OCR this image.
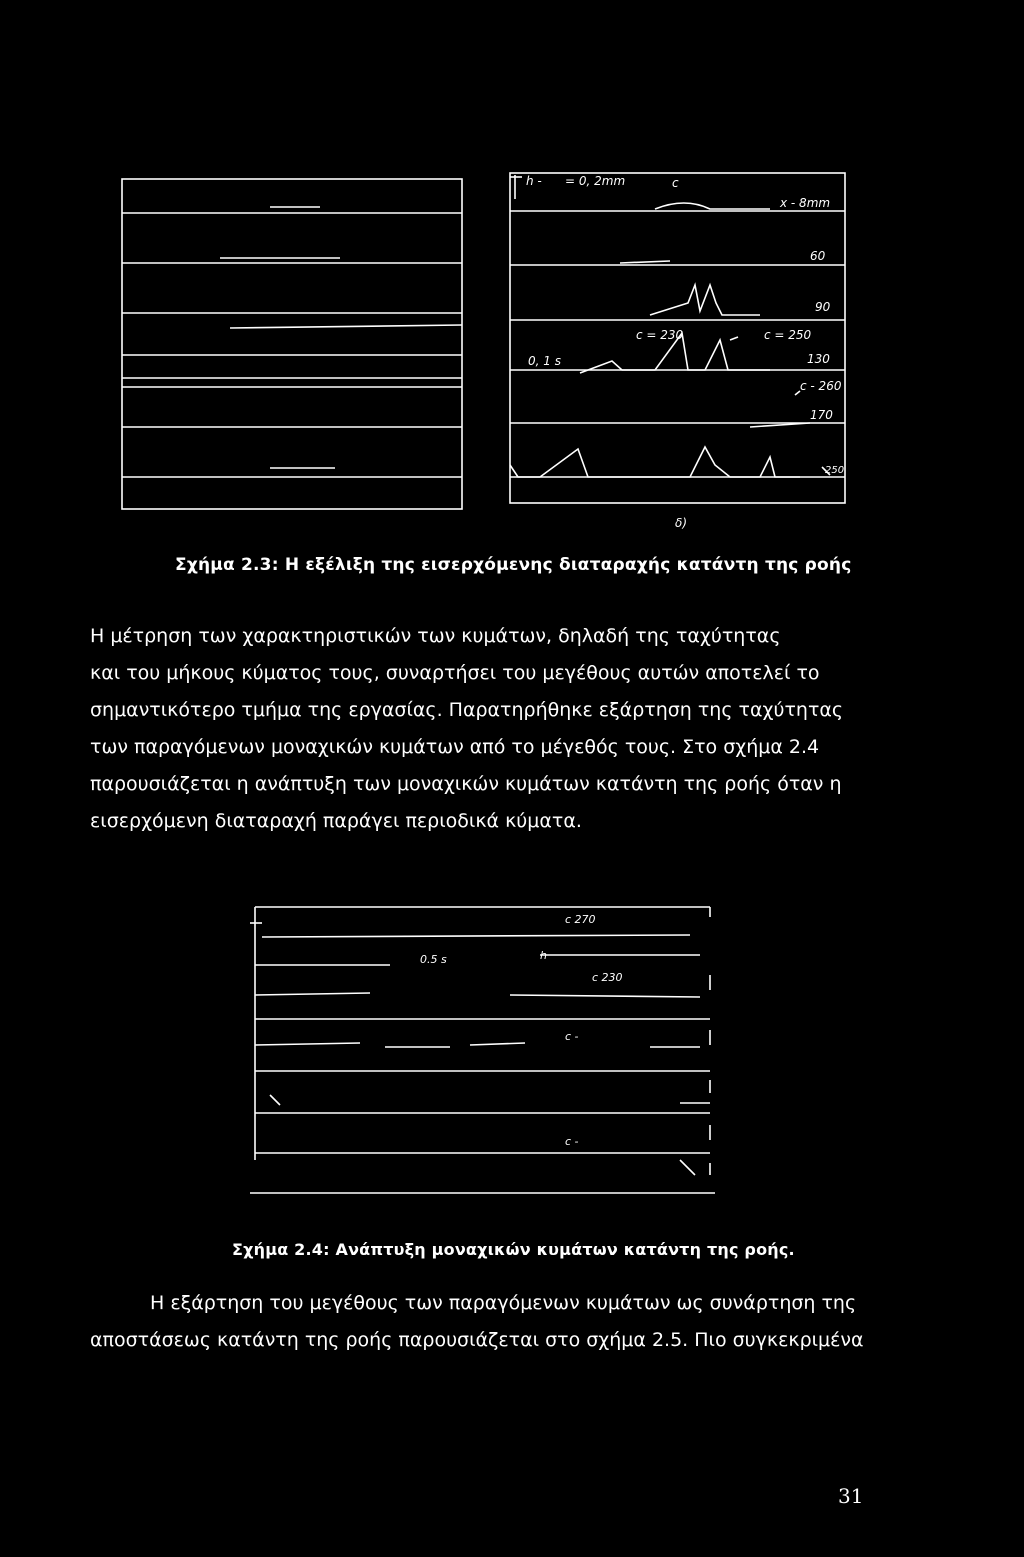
h - = 0, 2mm	c
x - 8mm
60
90
c = 230	c = 250
0, 1 s	130
c - 260
170
250
δ)
Σχήμα 2.3: Η εξέλιξη της εισερχόμενης διαταραχής κατάντη της ροής
Η μέτρηση των χαρακτηριστικών των κυμάτων, δηλαδή της ταχύτητας
και του μήκους κύματος τους, συναρτήσει του μεγέθους αυτών αποτελεί το
σημαντικότερο τμήμα της εργασίας. Παρατηρήθηκε εξάρτηση της ταχύτητας
των παραγόμενων μοναχικών κυμάτων από το μέγεθός τους. Στο σχήμα 2.4
παρουσιάζεται η ανάπτυξη των μοναχικών κυμάτων κατάντη της ροής όταν η
εισερχόμενη διαταραχή παράγει περιοδικά κύματα.
c 270
0.5 s	h
c 230
c -
c -
Σχήμα 2.4: Ανάπτυξη μοναχικών κυμάτων κατάντη της ροής.
Η εξάρτηση του μεγέθους των παραγόμενων κυμάτων ως συνάρτηση της
αποστάσεως κατάντη της ροής παρουσιάζεται στο σχήμα 2.5. Πιο συγκεκριμένα
31
